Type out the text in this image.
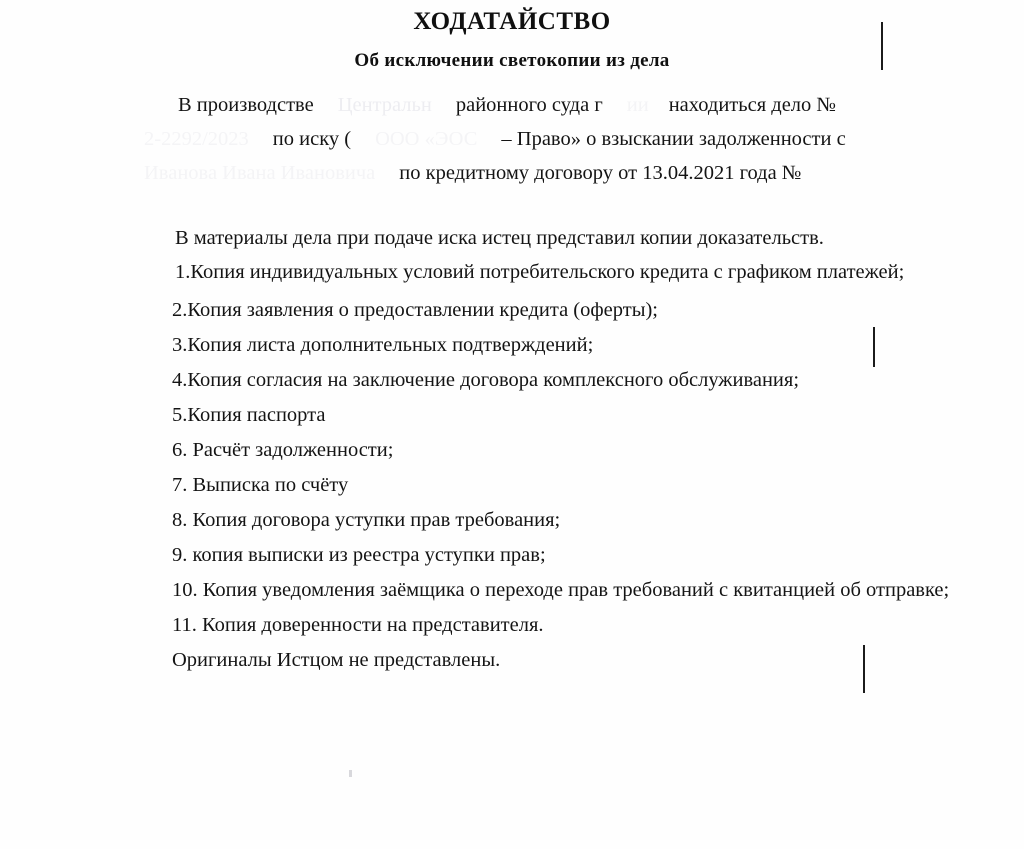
ХОДАТАЙСТВО
Об исключении светокопии из дела
В производстве Центральн районного суда г ии находиться дело №
2-2292/2023 по иску ( ООО «ЭОС – Право» о взыскании задолженности с
Иванова Ивана Ивановича по кредитному договору от 13.04.2021 года №

В материалы дела при подаче иска истец представил копии доказательств.

1.Копия индивидуальных условий потребительского кредита с графиком платежей;

2.Копия заявления о предоставлении кредита (оферты);

3.Копия листа дополнительных подтверждений;

4.Копия согласия на заключение договора комплексного обслуживания;

5.Копия паспорта

6. Расчёт задолженности;

7. Выписка по счёту

8. Копия договора уступки прав требования;

9. копия выписки из реестра уступки прав;

10. Копия уведомления заёмщика о переходе прав требований с квитанцией об отправке;

11. Копия доверенности на представителя.

Оригиналы Истцом не представлены.
